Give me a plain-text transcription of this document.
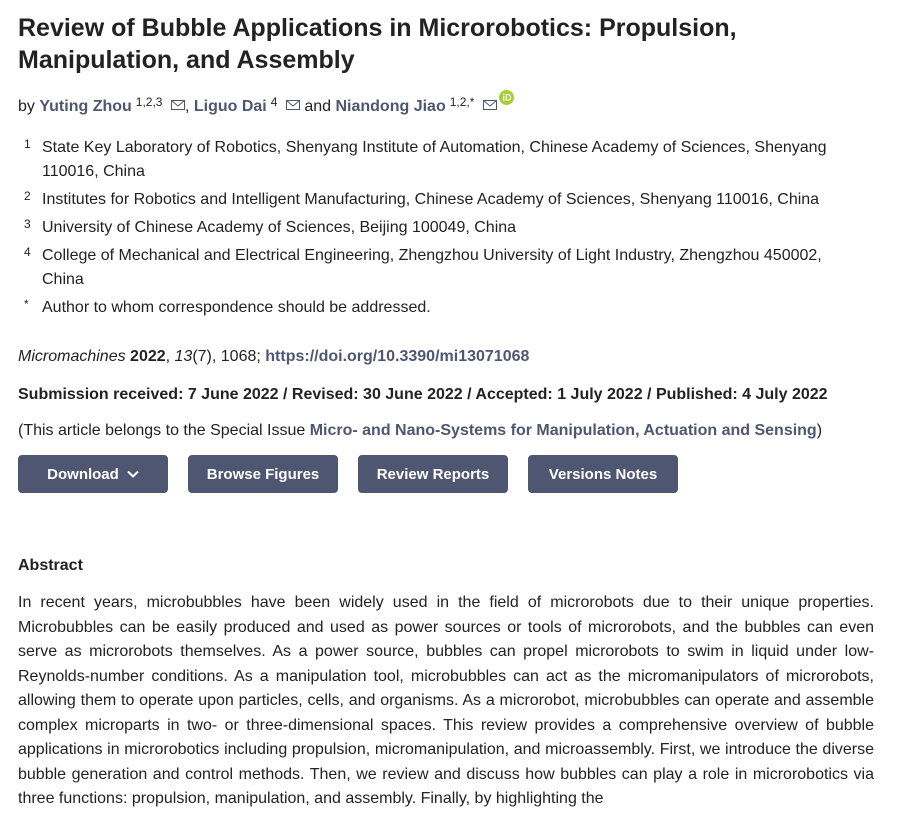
Review of Bubble Applications in Microrobotics: Propulsion, Manipulation, and Assembly
by Yuting Zhou $^{1,2,3}$ , Liguo Dai $^4$ and Niandong Jiao $^{1,2,*}$
1 State Key Laboratory of Robotics, Shenyang Institute of Automation, Chinese Academy of Sciences, Shenyang 110016, China
2 Institutes for Robotics and Intelligent Manufacturing, Chinese Academy of Sciences, Shenyang 110016, China
3 University of Chinese Academy of Sciences, Beijing 100049, China
4 College of Mechanical and Electrical Engineering, Zhengzhou University of Light Industry, Zhengzhou 450002, China
* Author to whom correspondence should be addressed.
Micromachines 2022, 13(7), 1068; https://doi.org/10.3390/mi13071068
Submission received: 7 June 2022 / Revised: 30 June 2022 / Accepted: 1 July 2022 / Published: 4 July 2022
(This article belongs to the Special Issue Micro- and Nano-Systems for Manipulation, Actuation and Sensing)
Download	Browse Figures	Review Reports	Versions Notes
Abstract
In recent years, microbubbles have been widely used in the field of microrobots due to their unique properties. Microbubbles can be easily produced and used as power sources or tools of microrobots, and the bubbles can even serve as microrobots themselves. As a power source, bubbles can propel microrobots to swim in liquid under low-Reynolds-number conditions. As a manipulation tool, microbubbles can act as the micromanipulators of microrobots, allowing them to operate upon particles, cells, and organisms. As a microrobot, microbubbles can operate and assemble complex microparts in two- or three-dimensional spaces. This review provides a comprehensive overview of bubble applications in microrobotics including propulsion, micromanipulation, and microassembly. First, we introduce the diverse bubble generation and control methods. Then, we review and discuss how bubbles can play a role in microrobotics via three functions: propulsion, manipulation, and assembly. Finally, by highlighting the
